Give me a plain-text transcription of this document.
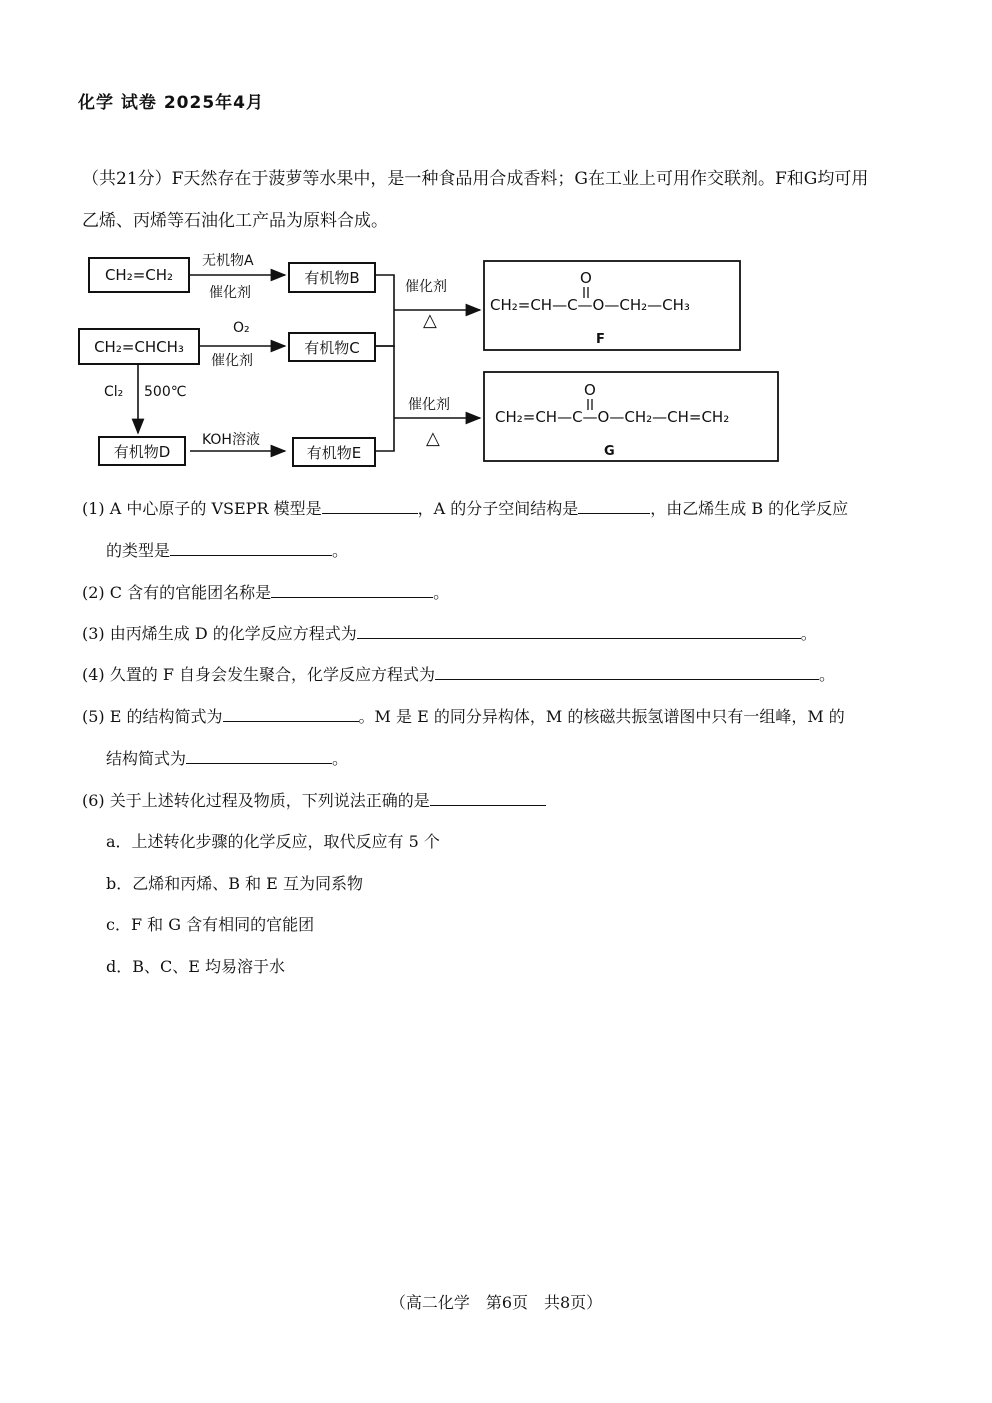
化学 试卷 2025年4月
（共21分）F天然存在于菠萝等水果中，是一种食品用合成香料；G在工业上可用作交联剂。F和G均可用
乙烯、丙烯等石油化工产品为原料合成。
CH₂=CH₂
CH₂=CHCH₃
有机物B
有机物C
有机物D	有机物E
无机物A
催化剂
O₂
催化剂
Cl₂ 500℃
KOH溶液
催化剂
△
催化剂
△
O
CH₂=CH—C—O—CH₂—CH₃
F
O
CH₂=CH—C—O—CH₂—CH=CH₂
G
(1) A 中心原子的 VSEPR 模型是	，A 的分子空间结构是	，由乙烯生成 B 的化学反应
的类型是	。
(2) C 含有的官能团名称是	。
(3) 由丙烯生成 D 的化学反应方程式为	。
(4) 久置的 F 自身会发生聚合，化学反应方程式为	。
(5) E 的结构简式为	。M 是 E 的同分异构体，M 的核磁共振氢谱图中只有一组峰，M 的
结构简式为	。
(6) 关于上述转化过程及物质，下列说法正确的是
a．上述转化步骤的化学反应，取代反应有 5 个
b．乙烯和丙烯、B 和 E 互为同系物
c．F 和 G 含有相同的官能团
d．B、C、E 均易溶于水
（高二化学　第6页　共8页）
